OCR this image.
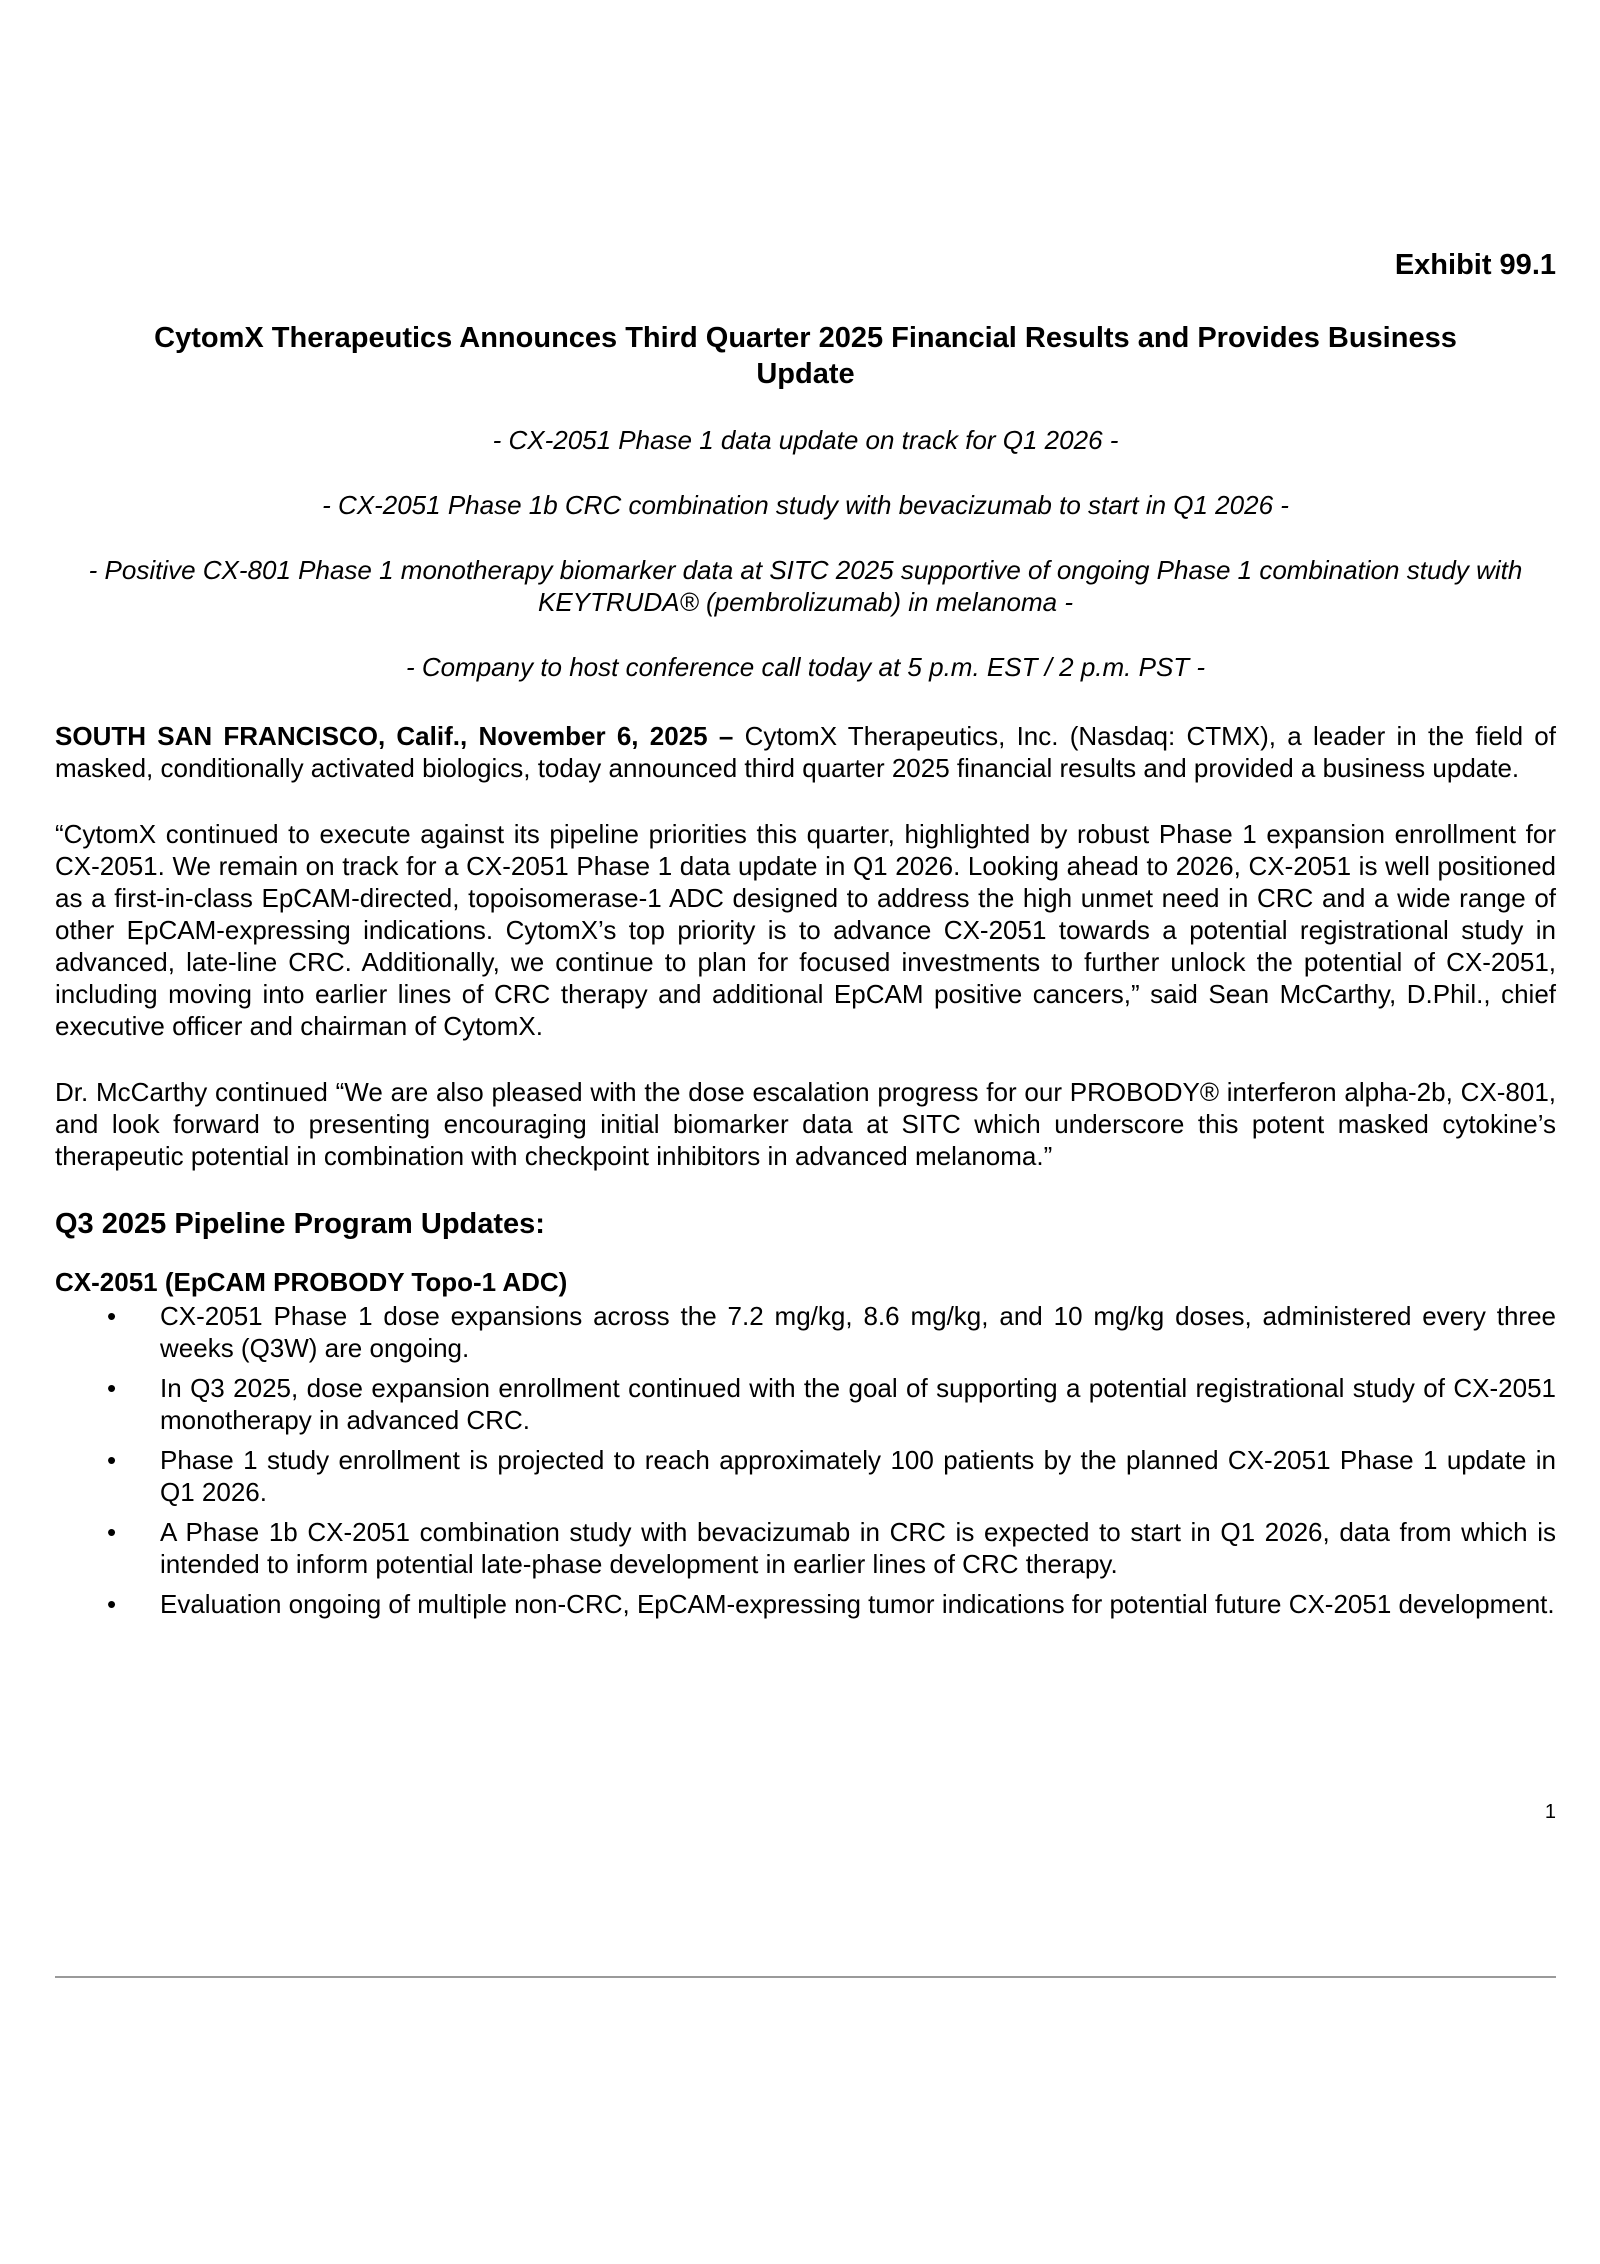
Exhibit 99.1
CytomX Therapeutics Announces Third Quarter 2025 Financial Results and Provides Business Update

- CX-2051 Phase 1 data update on track for Q1 2026 -

- CX-2051 Phase 1b CRC combination study with bevacizumab to start in Q1 2026 -

- Positive CX-801 Phase 1 monotherapy biomarker data at SITC 2025 supportive of ongoing Phase 1 combination study with KEYTRUDA® (pembrolizumab) in melanoma -

- Company to host conference call today at 5 p.m. EST / 2 p.m. PST -

SOUTH SAN FRANCISCO, Calif., November 6, 2025 – CytomX Therapeutics, Inc. (Nasdaq: CTMX), a leader in the field of masked, conditionally activated biologics, today announced third quarter 2025 financial results and provided a business update.

“CytomX continued to execute against its pipeline priorities this quarter, highlighted by robust Phase 1 expansion enrollment for CX-2051. We remain on track for a CX-2051 Phase 1 data update in Q1 2026. Looking ahead to 2026, CX-2051 is well positioned as a first-in-class EpCAM-directed, topoisomerase-1 ADC designed to address the high unmet need in CRC and a wide range of other EpCAM-expressing indications. CytomX’s top priority is to advance CX-2051 towards a potential registrational study in advanced, late-line CRC. Additionally, we continue to plan for focused investments to further unlock the potential of CX-2051, including moving into earlier lines of CRC therapy and additional EpCAM positive cancers,” said Sean McCarthy, D.Phil., chief executive officer and chairman of CytomX.

Dr. McCarthy continued “We are also pleased with the dose escalation progress for our PROBODY® interferon alpha-2b, CX-801, and look forward to presenting encouraging initial biomarker data at SITC which underscore this potent masked cytokine’s therapeutic potential in combination with checkpoint inhibitors in advanced melanoma.”

Q3 2025 Pipeline Program Updates:
CX-2051 (EpCAM PROBODY Topo-1 ADC)
• CX-2051 Phase 1 dose expansions across the 7.2 mg/kg, 8.6 mg/kg, and 10 mg/kg doses, administered every three weeks (Q3W) are ongoing.
• In Q3 2025, dose expansion enrollment continued with the goal of supporting a potential registrational study of CX-2051 monotherapy in advanced CRC.
• Phase 1 study enrollment is projected to reach approximately 100 patients by the planned CX-2051 Phase 1 update in Q1 2026.
• A Phase 1b CX-2051 combination study with bevacizumab in CRC is expected to start in Q1 2026, data from which is intended to inform potential late-phase development in earlier lines of CRC therapy.
• Evaluation ongoing of multiple non-CRC, EpCAM-expressing tumor indications for potential future CX-2051 development.
1
